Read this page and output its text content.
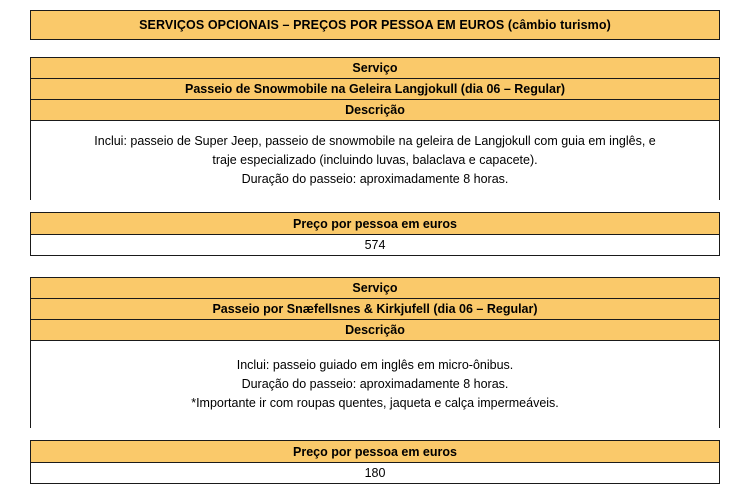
SERVIÇOS OPCIONAIS – PREÇOS POR PESSOA EM EUROS (câmbio turismo)
Serviço
Passeio de Snowmobile na Geleira Langjokull (dia 06 – Regular)
Descrição

Inclui: passeio de Super Jeep, passeio de snowmobile na geleira de Langjokull com guia em inglês, e

traje especializado (incluindo luvas, balaclava e capacete).

Duração do passeio: aproximadamente 8 horas.

Preço por pessoa em euros
574
Serviço
Passeio por Snæfellsnes & Kirkjufell (dia 06 – Regular)
Descrição

Inclui: passeio guiado em inglês em micro-ônibus.

Duração do passeio: aproximadamente 8 horas.

*Importante ir com roupas quentes, jaqueta e calça impermeáveis.

Preço por pessoa em euros
180
